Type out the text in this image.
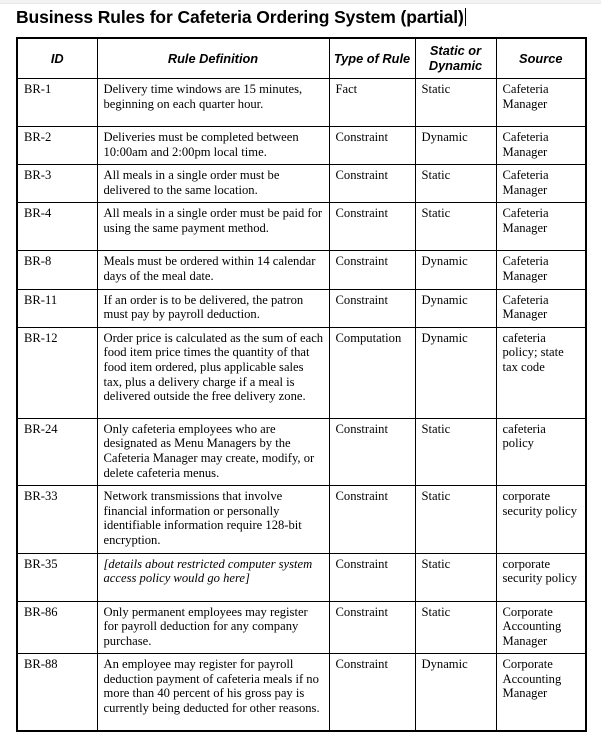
Business Rules for Cafeteria Ordering System (partial)
ID	Rule Definition	Type of Rule	Static or Dynamic	Source
BR-1	Delivery time windows are 15 minutes, beginning on each quarter hour.	Fact	Static	Cafeteria Manager
BR-2	Deliveries must be completed between 10:00am and 2:00pm local time.	Constraint	Dynamic	Cafeteria Manager
BR-3	All meals in a single order must be delivered to the same location.	Constraint	Static	Cafeteria Manager
BR-4	All meals in a single order must be paid for using the same payment method.	Constraint	Static	Cafeteria Manager
BR-8	Meals must be ordered within 14 calendar days of the meal date.	Constraint	Dynamic	Cafeteria Manager
BR-11	If an order is to be delivered, the patron must pay by payroll deduction.	Constraint	Dynamic	Cafeteria Manager
BR-12	Order price is calculated as the sum of each food item price times the quantity of that food item ordered, plus applicable sales tax, plus a delivery charge if a meal is delivered outside the free delivery zone.	Computation	Dynamic	cafeteria policy; state tax code
BR-24	Only cafeteria employees who are designated as Menu Managers by the Cafeteria Manager may create, modify, or delete cafeteria menus.	Constraint	Static	cafeteria policy
BR-33	Network transmissions that involve financial information or personally identifiable information require 128-bit encryption.	Constraint	Static	corporate security policy
BR-35	[details about restricted computer system access policy would go here]	Constraint	Static	corporate security policy
BR-86	Only permanent employees may register for payroll deduction for any company purchase.	Constraint	Static	Corporate Accounting Manager
BR-88	An employee may register for payroll deduction payment of cafeteria meals if no more than 40 percent of his gross pay is currently being deducted for other reasons.	Constraint	Dynamic	Corporate Accounting Manager
